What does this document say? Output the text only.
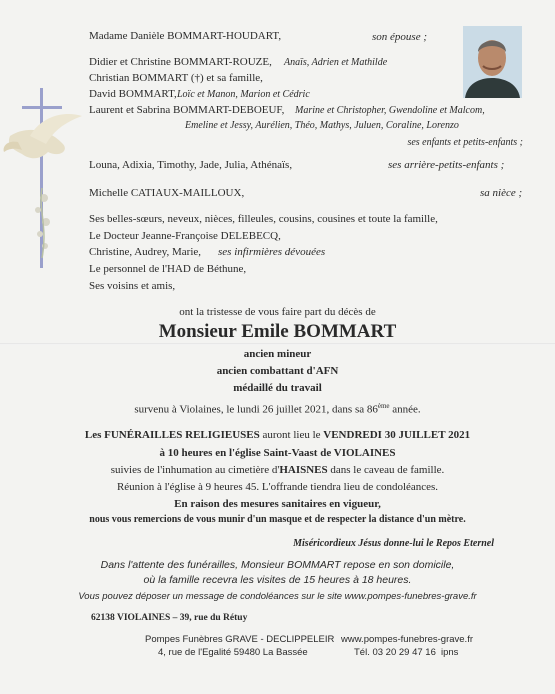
Madame Danièle BOMMART-HOUDART,	son épouse ;
Didier et Christine BOMMART-ROUZE, Anaïs, Adrien et Mathilde
Christian BOMMART (†) et sa famille,
David BOMMART, Loïc et Manon, Marion et Cédric
Laurent et Sabrina BOMMART-DEBOEUF, Marine et Christopher, Gwendoline et Malcom,
Emeline et Jessy, Aurélien, Théo, Mathys, Juluen, Coraline, Lorenzo
ses enfants et petits-enfants ;
Louna, Adixia, Timothy, Jade, Julia, Athénaïs,	ses arrière-petits-enfants ;
Michelle CATIAUX-MAILLOUX,	sa nièce ;
Ses belles-sœurs, neveux, nièces, filleules, cousins, cousines et toute la famille,
Le Docteur Jeanne-Françoise DELEBECQ,
Christine, Audrey, Marie, ses infirmières dévouées
Le personnel de l'HAD de Béthune,
Ses voisins et amis,
ont la tristesse de vous faire part du décès de
Monsieur Emile BOMMART
ancien mineur
ancien combattant d'AFN
médaillé du travail
survenu à Violaines, le lundi 26 juillet 2021, dans sa 86ème année.
Les FUNÉRAILLES RELIGIEUSES auront lieu le VENDREDI 30 JUILLET 2021
à 10 heures en l'église Saint-Vaast de VIOLAINES
suivies de l'inhumation au cimetière d'HAISNES dans le caveau de famille.
Réunion à l'église à 9 heures 45. L'offrande tiendra lieu de condoléances.
En raison des mesures sanitaires en vigueur,
nous vous remercions de vous munir d'un masque et de respecter la distance d'un mètre.
Miséricordieux Jésus donne-lui le Repos Eternel
Dans l'attente des funérailles, Monsieur BOMMART repose en son domicile,
où la famille recevra les visites de 15 heures à 18 heures.
Vous pouvez déposer un message de condoléances sur le site www.pompes-funebres-grave.fr
62138 VIOLAINES – 39, rue du Rétuy
Pompes Funèbres GRAVE - DECLIPPELEIR
4, rue de l'Egalité 59480 La Bassée
www.pompes-funebres-grave.fr
Tél. 03 20 29 47 16 ipns
